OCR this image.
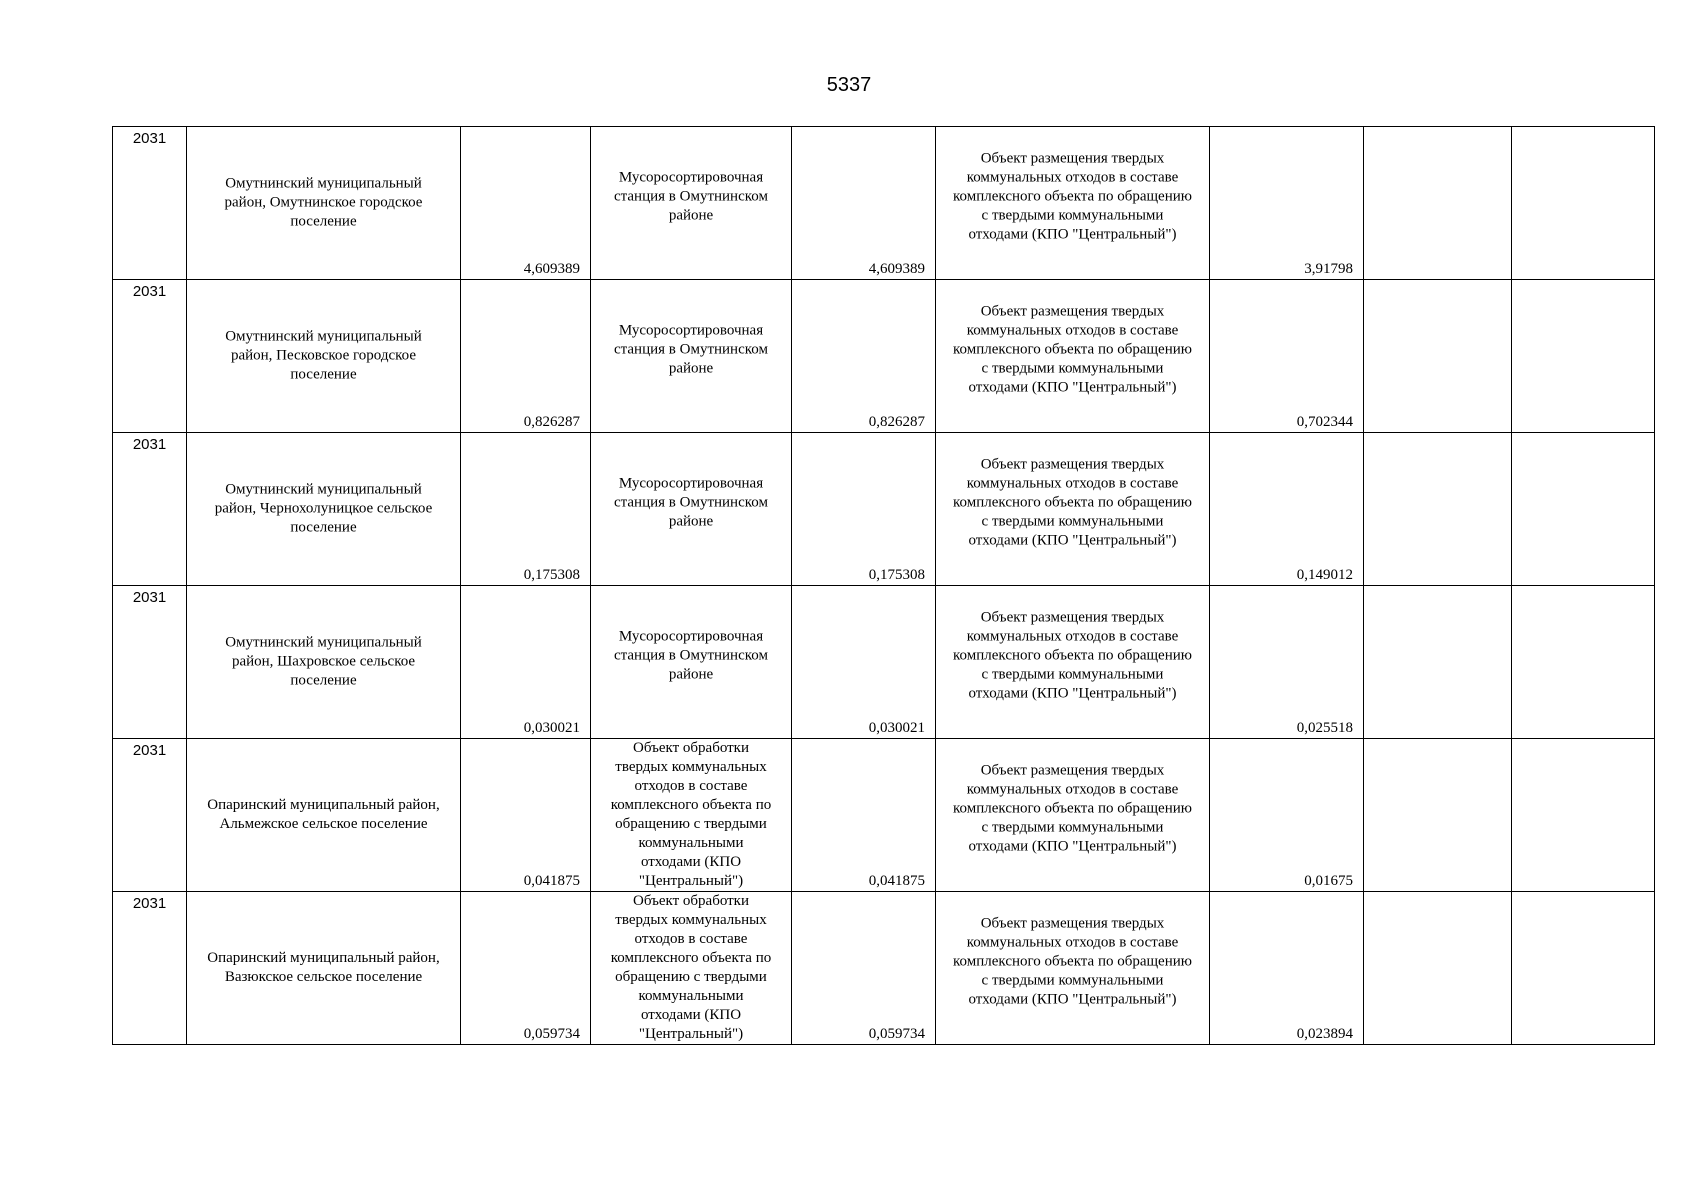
5337
2031	Омутнинский муниципальный район, Омутнинское городское поселение	4,609389	Мусоросортировочная станция в Омутнинском районе	4,609389	Объект размещения твердых коммунальных отходов в составе комплексного объекта по обращению с твердыми коммунальными отходами (КПО "Центральный")	3,91798		

2031	Омутнинский муниципальный район, Песковское городское поселение	0,826287	Мусоросортировочная станция в Омутнинском районе	0,826287	Объект размещения твердых коммунальных отходов в составе комплексного объекта по обращению с твердыми коммунальными отходами (КПО "Центральный")	0,702344		

2031	Омутнинский муниципальный район, Чернохолуницкое сельское поселение	0,175308	Мусоросортировочная станция в Омутнинском районе	0,175308	Объект размещения твердых коммунальных отходов в составе комплексного объекта по обращению с твердыми коммунальными отходами (КПО "Центральный")	0,149012		

2031	Омутнинский муниципальный район, Шахровское сельское поселение	0,030021	Мусоросортировочная станция в Омутнинском районе	0,030021	Объект размещения твердых коммунальных отходов в составе комплексного объекта по обращению с твердыми коммунальными отходами (КПО "Центральный")	0,025518		

2031	Опаринский муниципальный район, Альмежское сельское поселение	0,041875	Объект обработки твердых коммунальных отходов в составе комплексного объекта по обращению с твердыми коммунальными отходами (КПО "Центральный")	0,041875	Объект размещения твердых коммунальных отходов в составе комплексного объекта по обращению с твердыми коммунальными отходами (КПО "Центральный")	0,01675		

2031	Опаринский муниципальный район, Вазюкское сельское поселение	0,059734	Объект обработки твердых коммунальных отходов в составе комплексного объекта по обращению с твердыми коммунальными отходами (КПО "Центральный")	0,059734	Объект размещения твердых коммунальных отходов в составе комплексного объекта по обращению с твердыми коммунальными отходами (КПО "Центральный")	0,023894		
